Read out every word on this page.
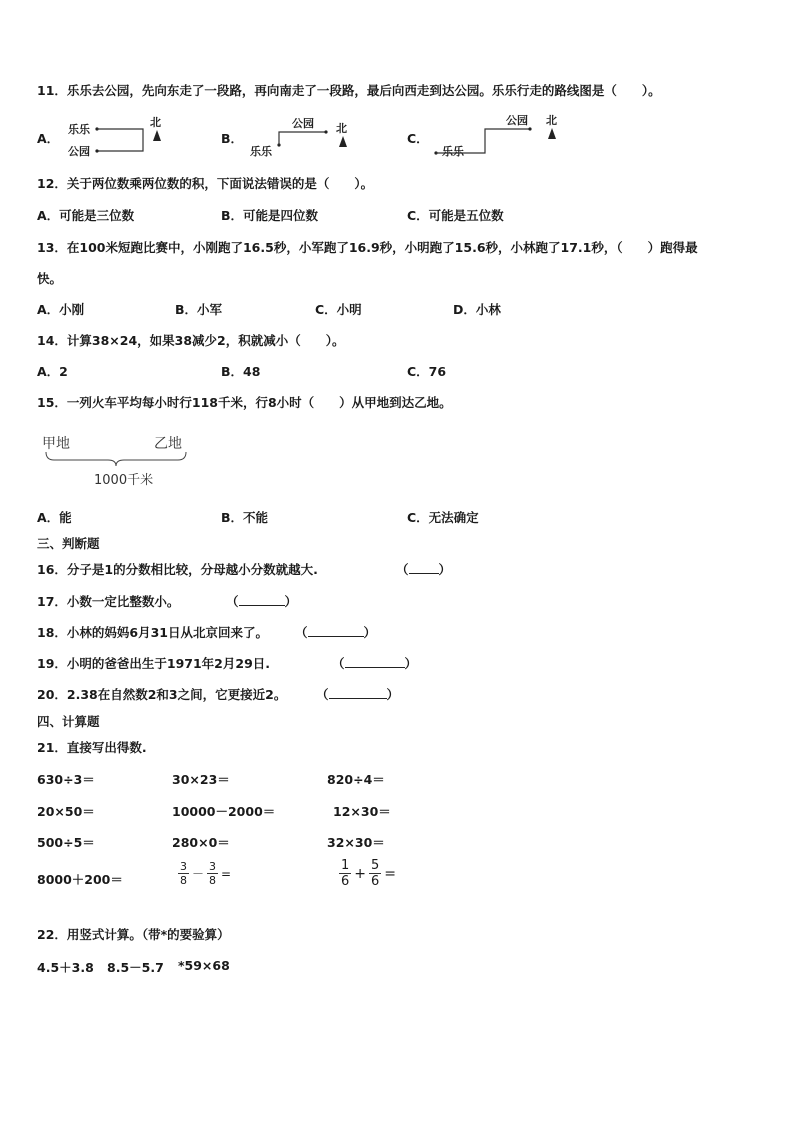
11．乐乐去公园，先向东走了一段路，再向南走了一段路，最后向西走到达公园。乐乐行走的路线图是（　　）。
A．
乐乐
公园
北
B．
乐乐
公园 北
C．
乐乐
公园 北
12．关于两位数乘两位数的积，下面说法错误的是（　　）。
A．可能是三位数	B．可能是四位数	C．可能是五位数
13．在100米短跑比赛中，小刚跑了16.5秒，小军跑了16.9秒，小明跑了15.6秒，小林跑了17.1秒，（　　）跑得最
快。
A．小刚	B．小军	C．小明	D．小林
14．计算38×24，如果38减少2，积就减小（　　）。
A．2	B．48	C．76
15．一列火车平均每小时行118千米，行8小时（　　）从甲地到达乙地。
甲地	乙地
1000千米
A．能	B．不能	C．无法确定
三、判断题
16．分子是1的分数相比较，分母越小分数就越大.	（ ）
17．小数一定比整数小。	（	）
18．小林的妈妈6月31日从北京回来了。 （	）
19．小明的爸爸出生于1971年2月29日.	（	）
20．2.38在自然数2和3之间，它更接近2。 （	）
四、计算题
21．直接写出得数.
630÷3＝	30×23＝	820÷4＝
20×50＝	10000－2000＝	12×30＝
500÷5＝	280×0＝	32×30＝
8000＋200＝	$\frac{3}{8} - \frac{3}{8}$ =	$\frac{1}{6} + \frac{5}{6}$ =
22．用竖式计算。（带*的要验算）
4.5＋3.8 8.5－5.7 *59×68
